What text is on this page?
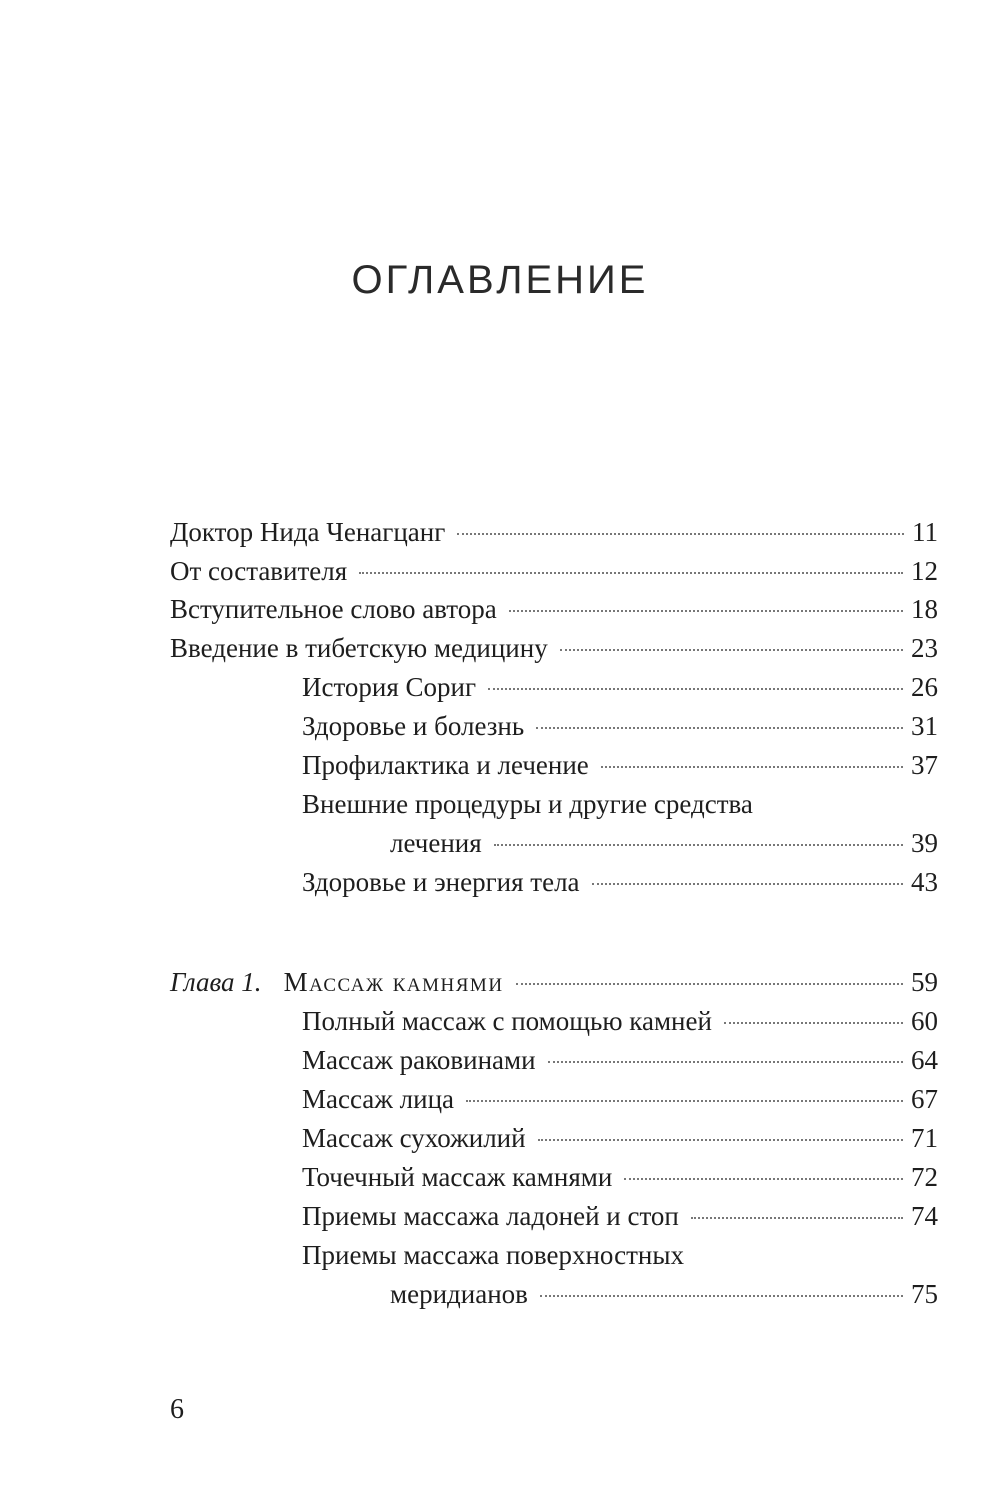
ОГЛАВЛЕНИЕ
Доктор Нида Ченагцанг	11
От составителя	12
Вступительное слово автора	18
Введение в тибетскую медицину	23
История Сориг	26
Здоровье и болезнь	31
Профилактика и лечение	37
Внешние процедуры и другие средства
лечения	39
Здоровье и энергия тела	43
Глава 1. Массаж камнями	59
Полный массаж с помощью камней	60
Массаж раковинами	64
Массаж лица	67
Массаж сухожилий	71
Точечный массаж камнями	72
Приемы массажа ладоней и стоп	74
Приемы массажа поверхностных
меридианов	75
6
